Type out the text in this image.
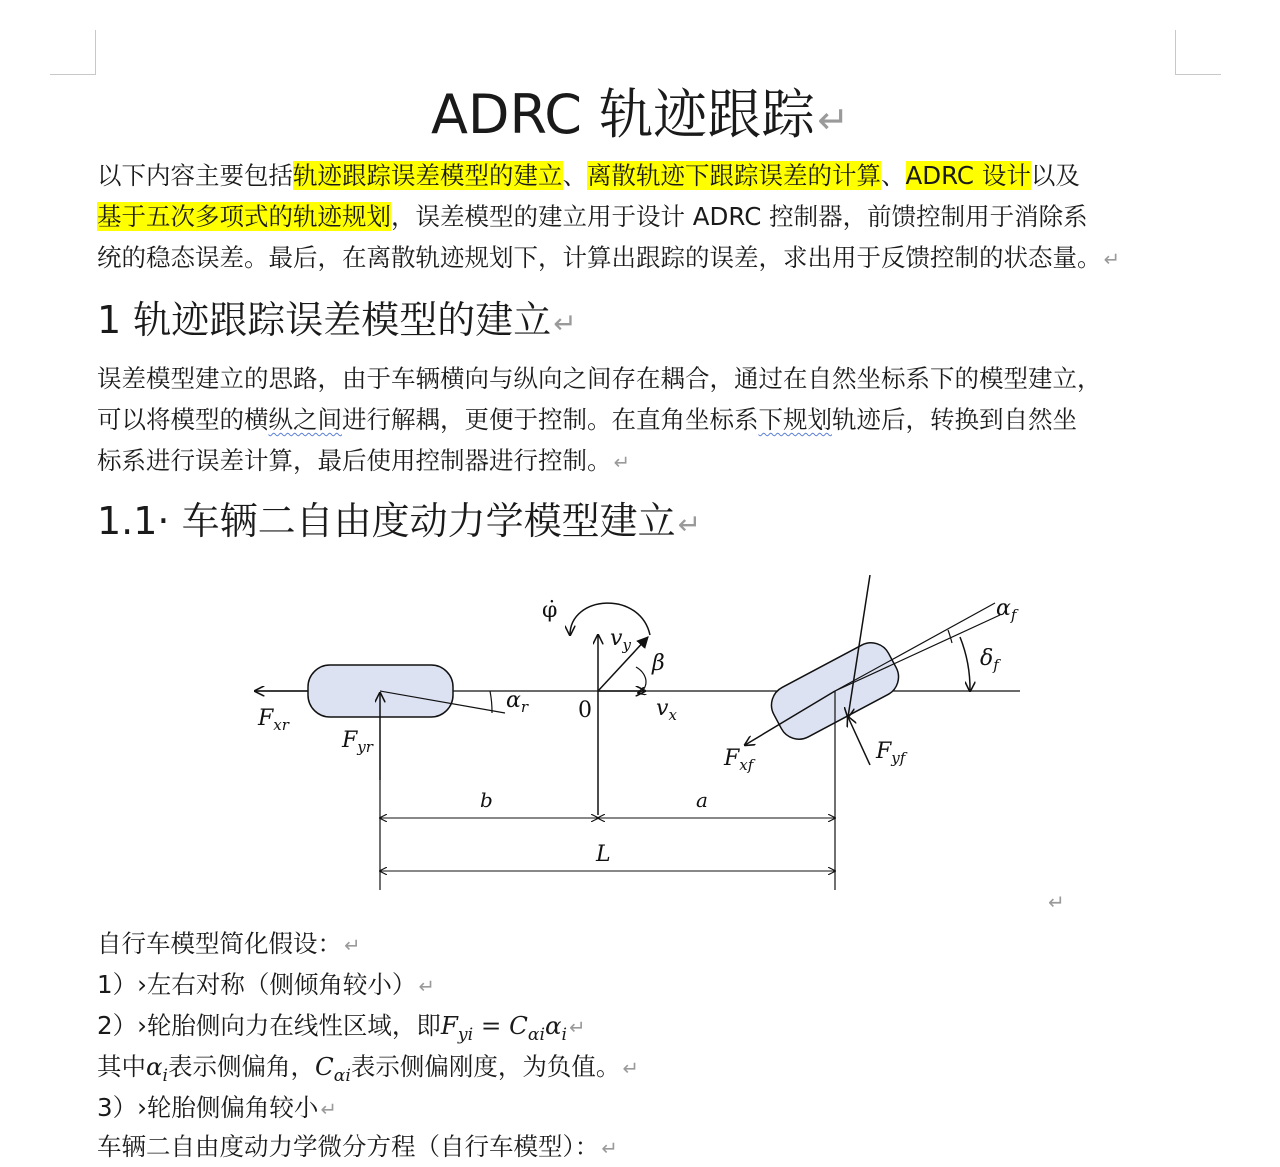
ADRC 轨迹跟踪↵

以下内容主要包括轨迹跟踪误差模型的建立、离散轨迹下跟踪误差的计算、ADRC 设计以及

基于五次多项式的轨迹规划，误差模型的建立用于设计 ADRC 控制器，前馈控制用于消除系

统的稳态误差。最后，在离散轨迹规划下，计算出跟踪的误差，求出用于反馈控制的状态量。 ↵

1 轨迹跟踪误差模型的建立↵

误差模型建立的思路，由于车辆横向与纵向之间存在耦合，通过在自然坐标系下的模型建立，

可以将模型的横纵之间进行解耦，更便于控制。在直角坐标系下规划轨迹后，转换到自然坐

标系进行误差计算，最后使用控制器进行控制。 ↵

1.1· 车辆二自由度动力学模型建立↵
φ̇
$v_y$
β
$v_x$
0
$\alpha_r$
$\alpha_f$
$\delta_f$
$F_{xr}$
$F_{yr}$	$F_{xf}$
$F_{yf}$
b	a
L
↵
自行车模型简化假设： ↵
1）›左右对称（侧倾角较小） ↵
2）›轮胎侧向力在线性区域，即$F_{yi} = C_{\alpha i}\alpha_i$ ↵
其中$\alpha_i$表示侧偏角，$C_{\alpha i}$表示侧偏刚度，为负值。 ↵
3）›轮胎侧偏角较小 ↵
车辆二自由度动力学微分方程（自行车模型）： ↵
